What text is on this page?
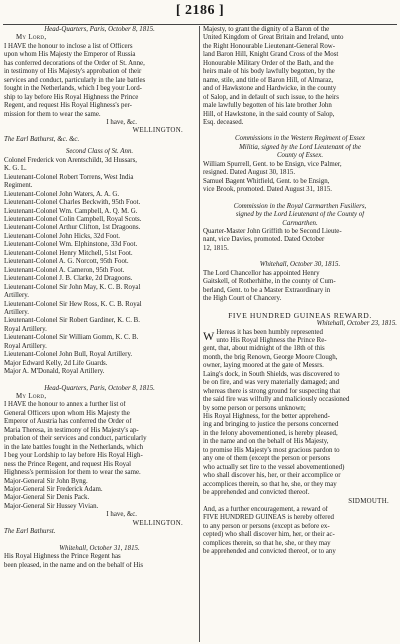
[ 2186 ]
Head-Quarters, Paris, October 8, 1815.
My Lord,
I HAVE the honour to inclose a list of Officers
upon whom His Majesty the Emperor of Russia
has conferred decorations of the Order of St. Anne,
in testimony of His Majesty's approbation of their
services and conduct, particularly in the late battles
fought in the Netherlands, which I beg your Lord-
ship to lay before His Royal Highness the Prince
Regent, and request His Royal Highness's per-
mission for them to wear the same.
I have, &c.
WELLINGTON.
The Earl Bathurst, &c. &c.
Second Class of St. Ann.
Colonel Frederick von Arentschildt, 3d Hussars,
K. G. L.
Lieutenant-Colonel Robert Torrens, West India
Regiment.
Lieutenant-Colonel John Waters, A. A. G.
Lieutenant-Colonel Charles Beckwith, 95th Foot.
Lieutenant-Colonel Wm. Campbell, A. Q. M. G.
Lieutenant-Colonel Colin Campbell, Royal Scots.
Lieutenant-Colonel Arthur Clifton, 1st Dragoons.
Lieutenant-Colonel John Hicks, 32d Foot.
Lieutenant-Colonel Wm. Elphinstone, 33d Foot.
Lieutenant-Colonel Henry Mitchell, 51st Foot.
Lieutenant-Colonel A. G. Norcott, 95th Foot.
Lieutenant-Colonel A. Cameron, 95th Foot.
Lieutenant-Colonel J. B. Clarke, 2d Dragoons.
Lieutenant-Colonel Sir John May, K. C. B. Royal
Artillery.
Lieutenant-Colonel Sir Hew Ross, K. C. B. Royal
Artillery.
Lieutenant-Colonel Sir Robert Gardiner, K. C. B.
Royal Artillery.
Lieutenant-Colonel Sir William Gomm, K. C. B.
Royal Artillery.
Lieutenant-Colonel John Bull, Royal Artillery.
Major Edward Kelly, 2d Life Guards.
Major A. M'Donald, Royal Artillery.
Head-Quarters, Paris, October 8, 1815.
My Lord,
I HAVE the honour to annex a further list of
General Officers upon whom His Majesty the
Emperor of Austria has conferred the Order of
Maria Theresa, in testimony of His Majesty's ap-
probation of their services and conduct, particularly
in the late battles fought in the Netherlands, which
I beg your Lordship to lay before His Royal High-
ness the Prince Regent, and request His Royal
Highness's permission for them to wear the same.
Major-General Sir John Byng.
Major-General Sir Frederick Adam.
Major-General Sir Denis Pack.
Major-General Sir Hussey Vivian.
I have, &c.
WELLINGTON.
The Earl Bathurst.
Whitehall, October 31, 1815.
His Royal Highness the Prince Regent has
been pleased, in the name and on the behalf of His
Majesty, to grant the dignity of a Baron of the
United Kingdom of Great Britain and Ireland, unto
the Right Honourable Lieutenant-General Row-
land Baron Hill, Knight Grand Cross of the Most
Honourable Military Order of the Bath, and the
heirs male of his body lawfully begotten, by the
name, stile, and title of Baron Hill, of Almaraz,
and of Hawkstone and Hardwicke, in the county
of Salop, and in default of such issue, to the heirs
male lawfully begotten of his late brother John
Hill, of Hawkstone, in the said county of Salop,
Esq. deceased.
Commissions in the Western Regiment of Essex
Militia, signed by the Lord Lieutenant of the
County of Essex.
William Spurrell, Gent. to be Ensign, vice Palmer,
resigned. Dated August 30, 1815.
Samuel Bagent Whitfield, Gent. to be Ensign,
vice Brook, promoted. Dated August 31, 1815.
Commission in the Royal Carmarthen Fusiliers,
signed by the Lord Lieutenant of the County of
Carmarthen.
Quarter-Master John Griffith to be Second Lieute-
nant, vice Davies, promoted. Dated October
12, 1815.
Whitehall, October 30, 1815.
The Lord Chancellor has appointed Henry
Gaitskell, of Rotherhithe, in the county of Cum-
berland, Gent. to be a Master Extraordinary in
the High Court of Chancery.
FIVE HUNDRED GUINEAS REWARD.
Whitehall, October 23, 1815.
W Hereas it has been humbly represented
unto His Royal Highness the Prince Re-
gent, that, about midnight of the 18th of this
month, the brig Renown, George Moore Clough,
owner, laying moored at the gate of Messrs.
Laing's dock, in South Shields, was discovered to
be on fire, and was very materially damaged; and
whereas there is strong ground for suspecting that
the said fire was wilfully and maliciously occasioned
by some person or persons unknown;
His Royal Highness, for the better apprehend-
ing and bringing to justice the persons concerned
in the felony abovementioned, is hereby pleased,
in the name and on the behalf of His Majesty,
to promise His Majesty's most gracious pardon to
any one of them (except the person or persons
who actually set fire to the vessel abovementioned)
who shall discover his, her, or their accomplice or
accomplices therein, so that he, she, or they may
be apprehended and convicted thereof.
SIDMOUTH.
And, as a further encouragement, a reward of
FIVE HUNDRED GUINEAS is hereby offered
to any person or persons (except as before ex-
cepted) who shall discover him, her, or their ac-
complices therein, so that he, she, or they may
be apprehended and convicted thereof, or to any
